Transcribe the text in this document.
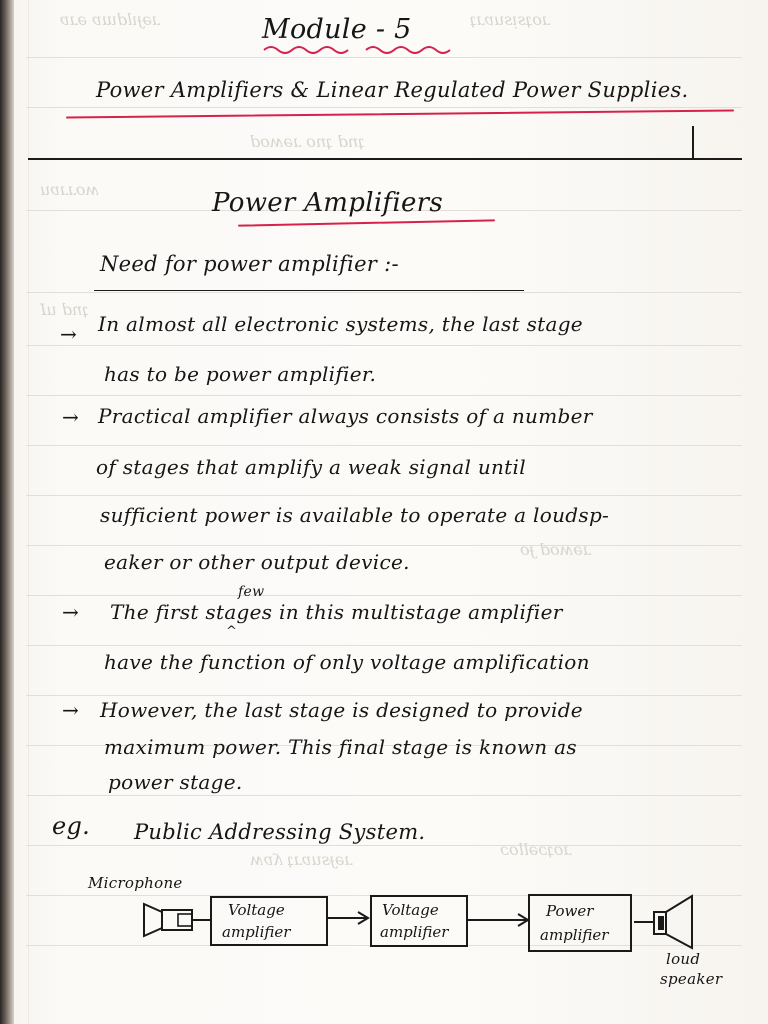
ɹǝɟıldɯɐ ǝɹɐ	ɹoʇsᴉsuɐɹʇ
ʇnd ʇno ɹǝʍod
ʍoɹɹɐu
ʇnd uI
ɹǝʍod ɟo
ɹǝɟsuɐɹʇ ʎɐʍ
ɹoʇɔǝlloɔ
Module - 5
Power Amplifiers & Linear Regulated Power Supplies.
Power Amplifiers
Need for power amplifier :-
→ In almost all electronic systems, the last stage
has to be power amplifier.
→ Practical amplifier always consists of a number
of stages that amplify a weak signal until
sufficient power is available to operate a loudsp-
eaker or other output device.
→
few
^
The first stages in this multistage amplifier
have the function of only voltage amplification
→ However, the last stage is designed to provide
maximum power. This final stage is known as
power stage.
eg. Public Addressing System.
Microphone
Voltage
amplifier
Voltage
amplifier
Power
amplifier
loud
speaker
